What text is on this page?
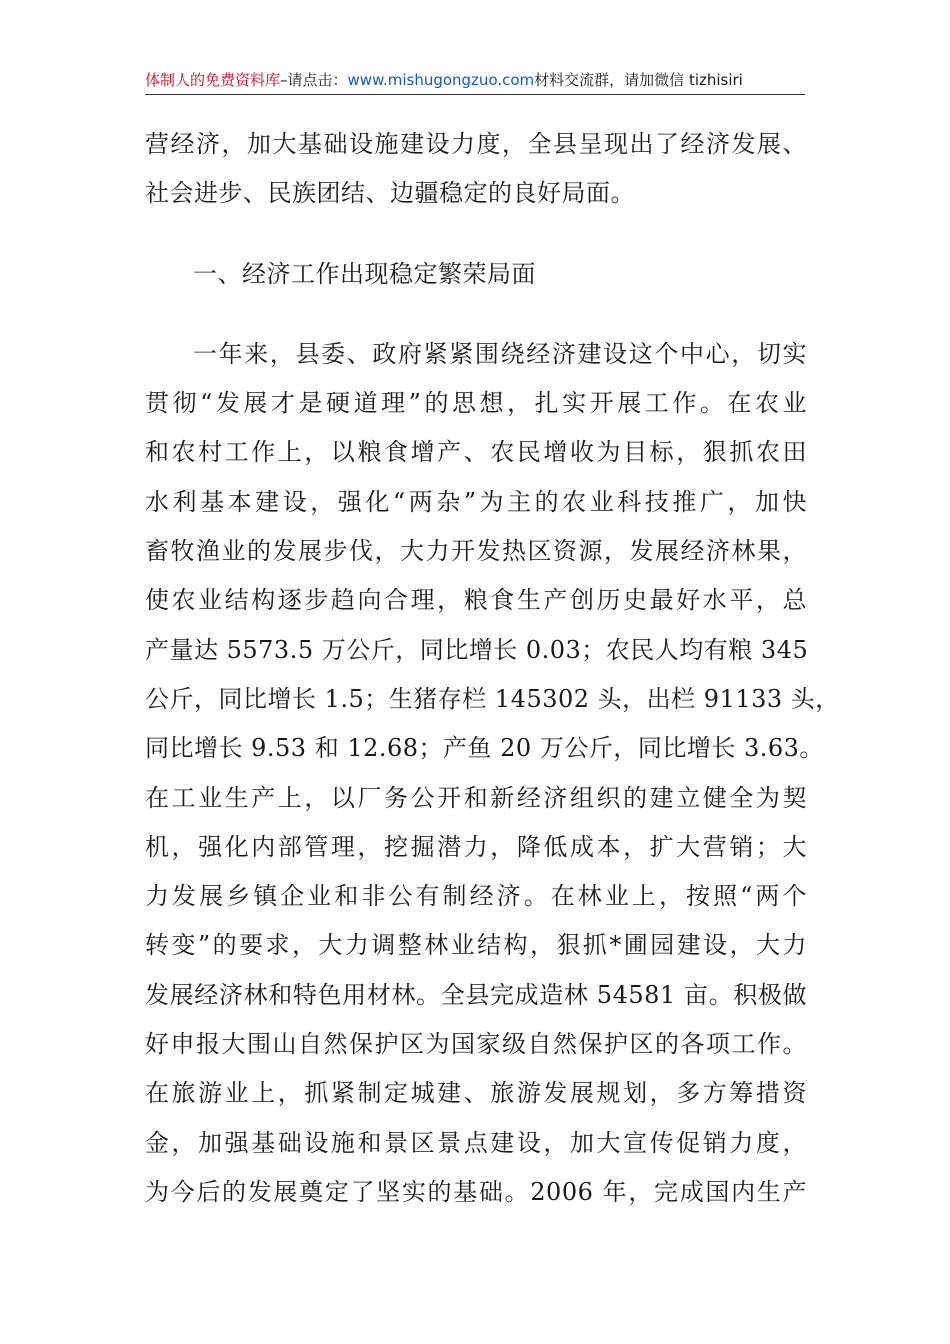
体制人的免费资料库–请点击：www.mishugongzuo.com材料交流群，请加微信 tizhisiri
营经济，加大基础设施建设力度，全县呈现出了经济发展、
社会进步、民族团结、边疆稳定的良好局面。
一、经济工作出现稳定繁荣局面
一年来，县委、政府紧紧围绕经济建设这个中心，切实
贯彻“发展才是硬道理”的思想，扎实开展工作。在农业
和农村工作上，以粮食增产、农民增收为目标，狠抓农田
水利基本建设，强化“两杂”为主的农业科技推广，加快
畜牧渔业的发展步伐，大力开发热区资源，发展经济林果，
使农业结构逐步趋向合理，粮食生产创历史最好水平，总
产量达 5573.5 万公斤，同比增长 0.03；农民人均有粮 345
公斤，同比增长 1.5；生猪存栏 145302 头，出栏 91133 头，
同比增长 9.53 和 12.68；产鱼 20 万公斤，同比增长 3.63。
在工业生产上，以厂务公开和新经济组织的建立健全为契
机，强化内部管理，挖掘潜力，降低成本，扩大营销；大
力发展乡镇企业和非公有制经济。在林业上，按照“两个
转变”的要求，大力调整林业结构，狠抓*圃园建设，大力
发展经济林和特色用材林。全县完成造林 54581 亩。积极做
好申报大围山自然保护区为国家级自然保护区的各项工作。
在旅游业上，抓紧制定城建、旅游发展规划，多方筹措资
金，加强基础设施和景区景点建设，加大宣传促销力度，
为今后的发展奠定了坚实的基础。2006 年，完成国内生产
